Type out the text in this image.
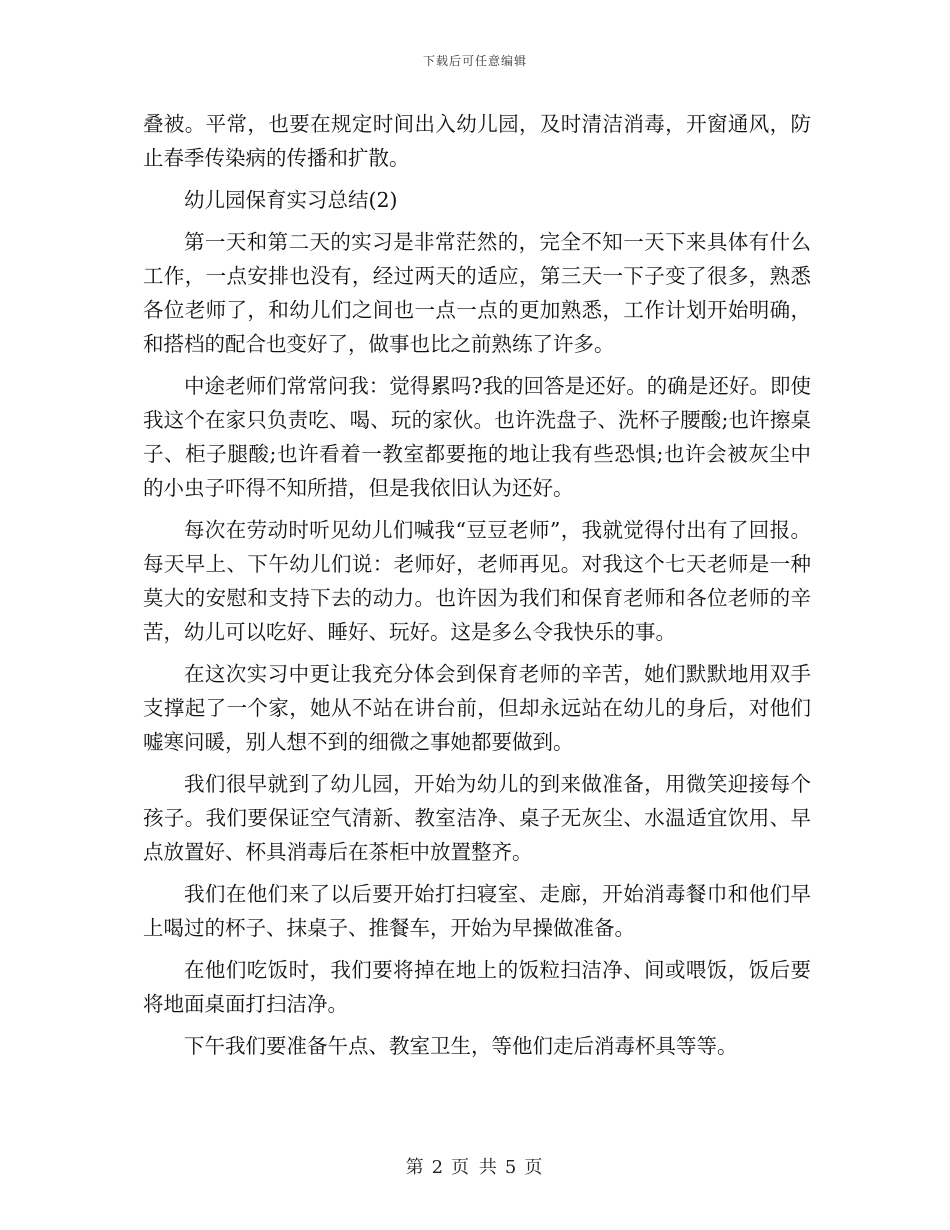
下载后可任意编辑

叠被。平常，也要在规定时间出入幼儿园，及时清洁消毒，开窗通风，防止春季传染病的传播和扩散。

幼儿园保育实习总结(2)

第一天和第二天的实习是非常茫然的，完全不知一天下来具体有什么工作，一点安排也没有，经过两天的适应，第三天一下子变了很多，熟悉各位老师了，和幼儿们之间也一点一点的更加熟悉，工作计划开始明确，和搭档的配合也变好了，做事也比之前熟练了许多。

中途老师们常常问我：觉得累吗?我的回答是还好。的确是还好。即使我这个在家只负责吃、喝、玩的家伙。也许洗盘子、洗杯子腰酸;也许擦桌子、柜子腿酸;也许看着一教室都要拖的地让我有些恐惧;也许会被灰尘中的小虫子吓得不知所措，但是我依旧认为还好。

每次在劳动时听见幼儿们喊我“豆豆老师”，我就觉得付出有了回报。每天早上、下午幼儿们说：老师好，老师再见。对我这个七天老师是一种莫大的安慰和支持下去的动力。也许因为我们和保育老师和各位老师的辛苦，幼儿可以吃好、睡好、玩好。这是多么令我快乐的事。

在这次实习中更让我充分体会到保育老师的辛苦，她们默默地用双手支撑起了一个家，她从不站在讲台前，但却永远站在幼儿的身后，对他们嘘寒问暖，别人想不到的细微之事她都要做到。

我们很早就到了幼儿园，开始为幼儿的到来做准备，用微笑迎接每个孩子。我们要保证空气清新、教室洁净、桌子无灰尘、水温适宜饮用、早点放置好、杯具消毒后在茶柜中放置整齐。

我们在他们来了以后要开始打扫寝室、走廊，开始消毒餐巾和他们早上喝过的杯子、抹桌子、推餐车，开始为早操做准备。

在他们吃饭时，我们要将掉在地上的饭粒扫洁净、间或喂饭，饭后要将地面桌面打扫洁净。

下午我们要准备午点、教室卫生，等他们走后消毒杯具等等。

第 2 页 共 5 页
